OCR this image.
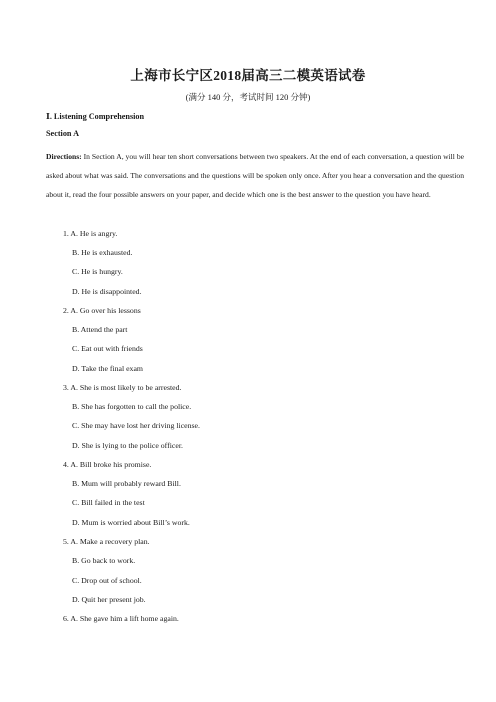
上海市长宁区2018届高三二模英语试卷
(满分 140 分，考试时间 120 分钟)
Ⅰ. Listening Comprehension
Section A
Directions: In Section A, you will hear ten short conversations between two speakers. At the end of each conversation, a question will be asked about what was said. The conversations and the questions will be spoken only once. After you hear a conversation and the question about it, read the four possible answers on your paper, and decide which one is the best answer to the question you have heard.
1. A. He is angry.
B. He is exhausted.
C. He is hungry.
D. He is disappointed.
2. A. Go over his lessons
B. Attend the part
C. Eat out with friends
D. Take the final exam
3. A. She is most likely to be arrested.
B. She has forgotten to call the police.
C. She may have lost her driving license.
D. She is lying to the police officer.
4. A. Bill broke his promise.
B. Mum will probably reward Bill.
C. Bill failed in the test
D. Mum is worried about Bill’s work.
5. A. Make a recovery plan.
B. Go back to work.
C. Drop out of school.
D. Quit her present job.
6. A. She gave him a lift home again.
